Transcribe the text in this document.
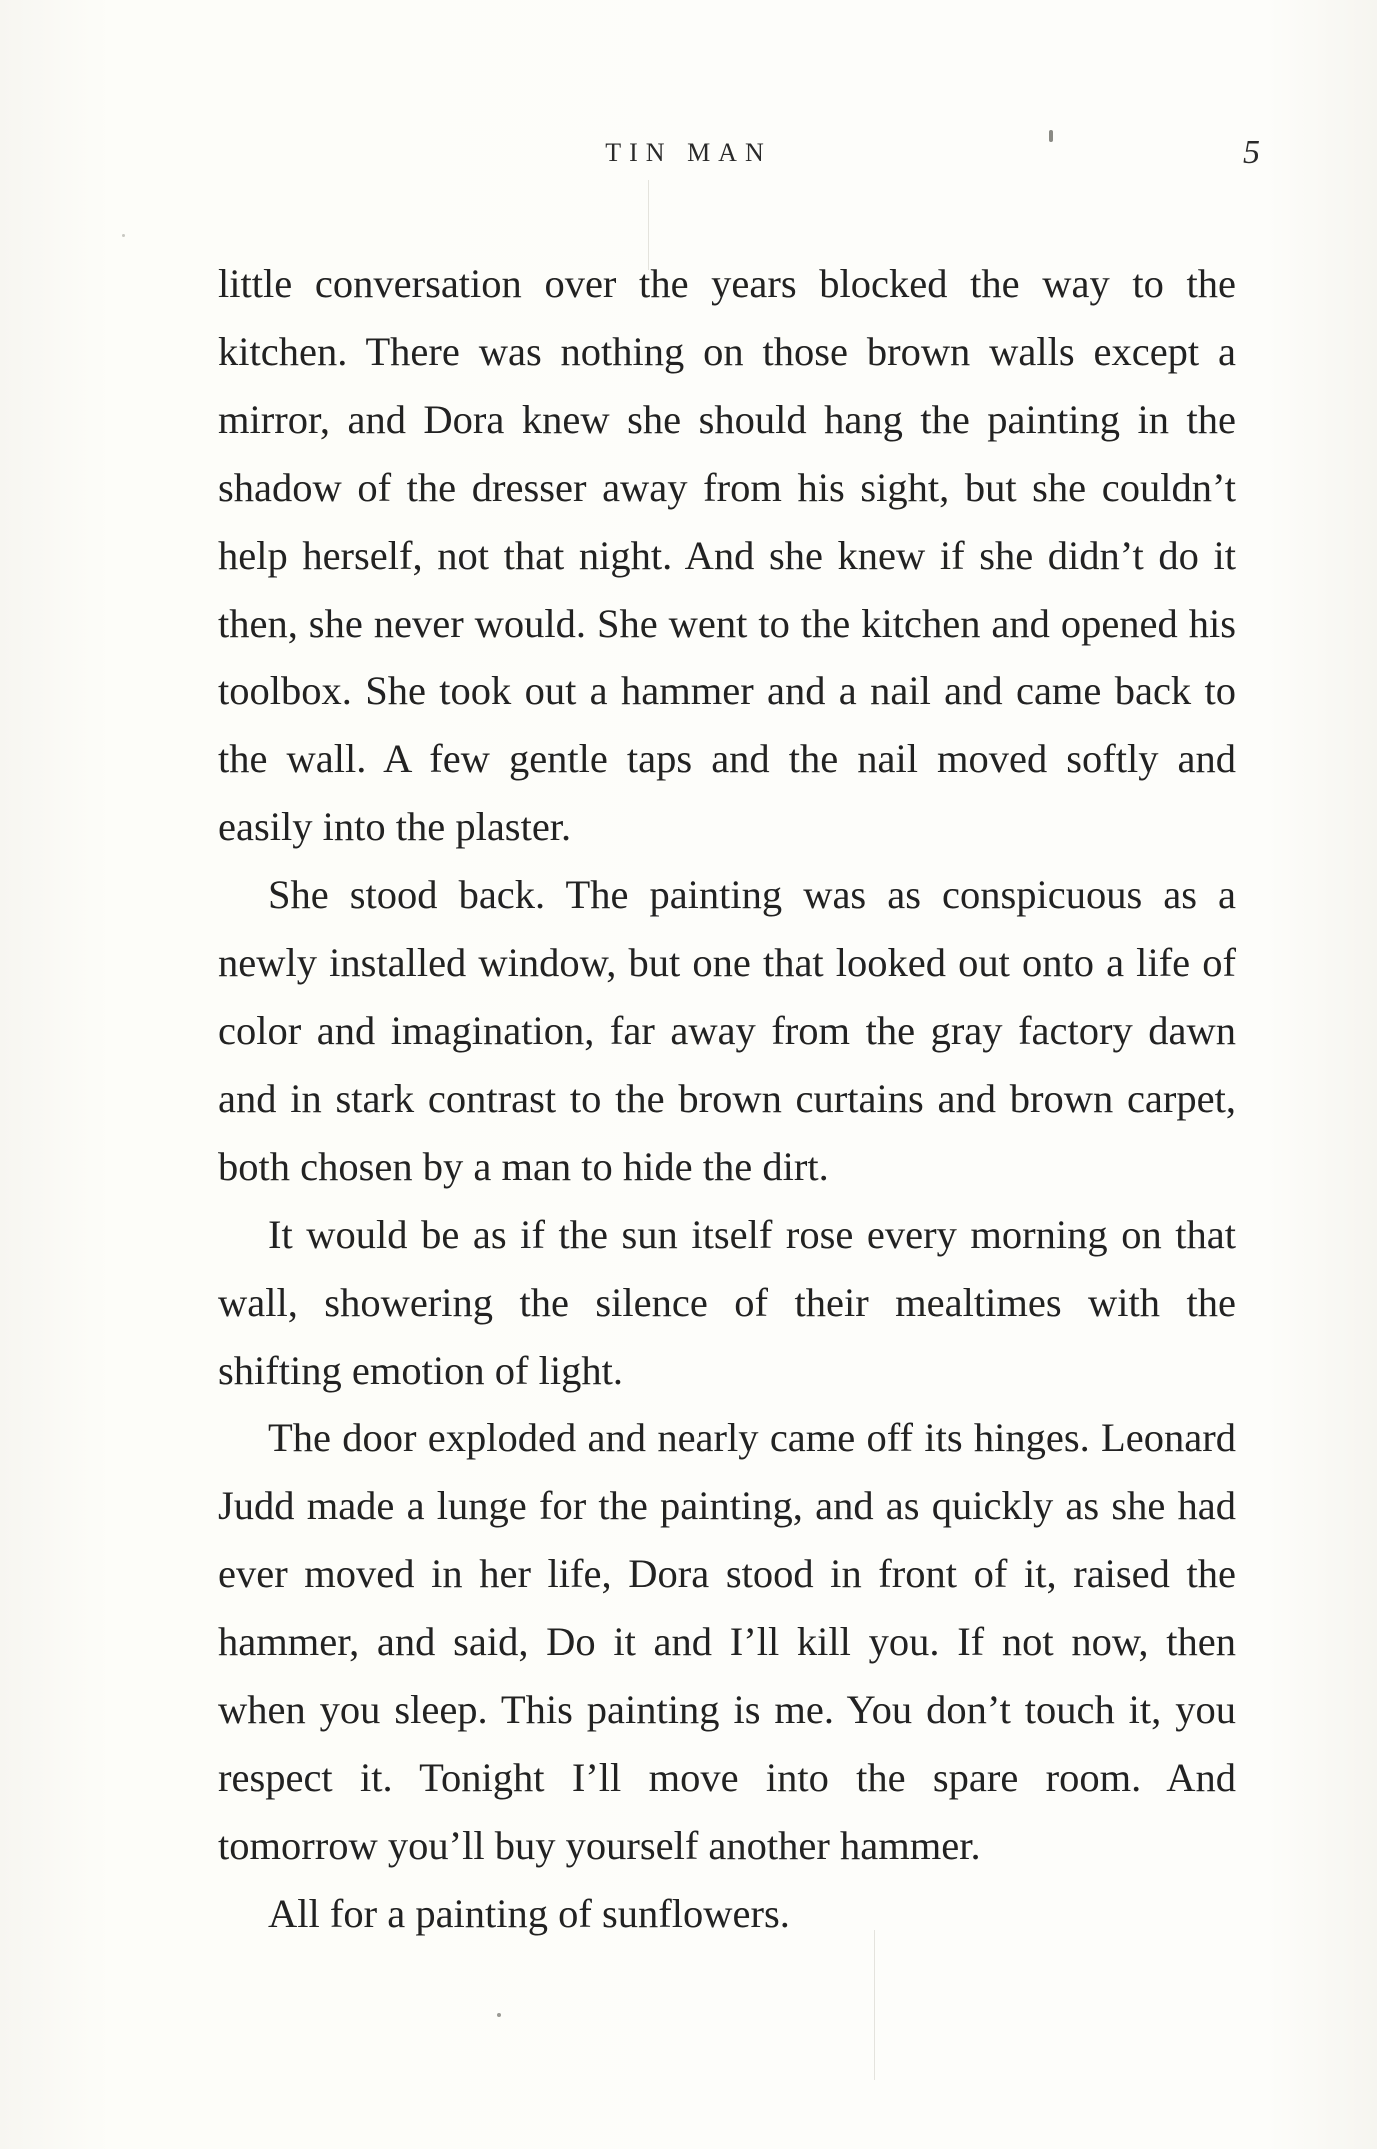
TIN MAN	5

little conversation over the years blocked the way to the kitchen. There was nothing on those brown walls except a mirror, and Dora knew she should hang the painting in the shadow of the dresser away from his sight, but she couldn’t help herself, not that night. And she knew if she didn’t do it then, she never would. She went to the kitchen and opened his toolbox. She took out a hammer and a nail and came back to the wall. A few gentle taps and the nail moved softly and easily into the plaster.

She stood back. The painting was as conspicuous as a newly installed window, but one that looked out onto a life of color and imagination, far away from the gray factory dawn and in stark contrast to the brown curtains and brown carpet, both chosen by a man to hide the dirt.

It would be as if the sun itself rose every morning on that wall, showering the silence of their mealtimes with the shifting emotion of light.

The door exploded and nearly came off its hinges. Leonard Judd made a lunge for the painting, and as quickly as she had ever moved in her life, Dora stood in front of it, raised the hammer, and said, Do it and I’ll kill you. If not now, then when you sleep. This painting is me. You don’t touch it, you respect it. Tonight I’ll move into the spare room. And tomorrow you’ll buy yourself another hammer.

All for a painting of sunflowers.
